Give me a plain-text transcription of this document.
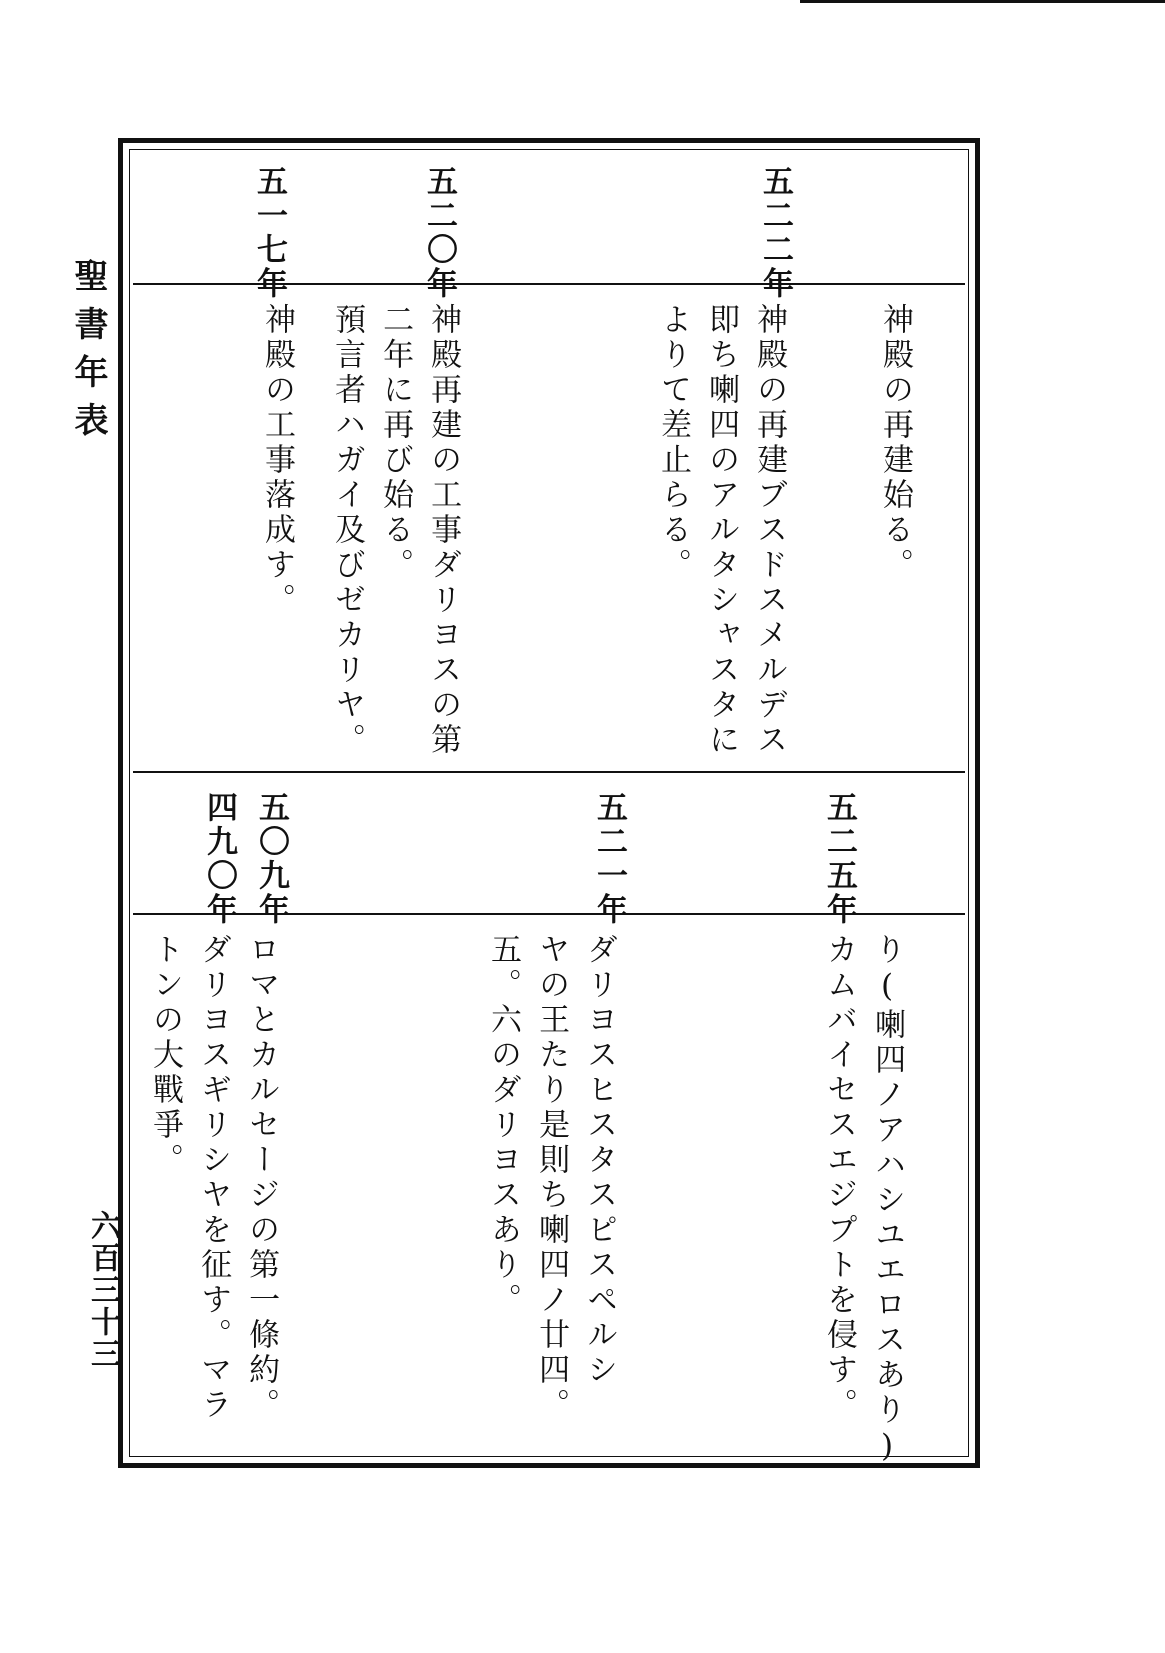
聖書年表
六百三十三
五二二年
五二〇年
五一七年
神殿の再建始る。
神殿の再建ブスドスメルデス
即ち喇四のアルタシャスタに
よりて差止らる。
神殿再建の工事ダリヨスの第
二年に再び始る。
預言者ハガイ及びゼカリヤ。
神殿の工事落成す。
五二五年
五二一年
五〇九年
四九〇年
り(喇四ノアハシユエロスあり)
カムバイセスエジプトを侵す。
ダリヨスヒスタスピスペルシ
ヤの王たり是則ち喇四ノ廿四。
五。六のダリヨスあり。
ロマとカルセージの第一條約。
ダリヨスギリシヤを征す。マラ
トンの大戰爭。
